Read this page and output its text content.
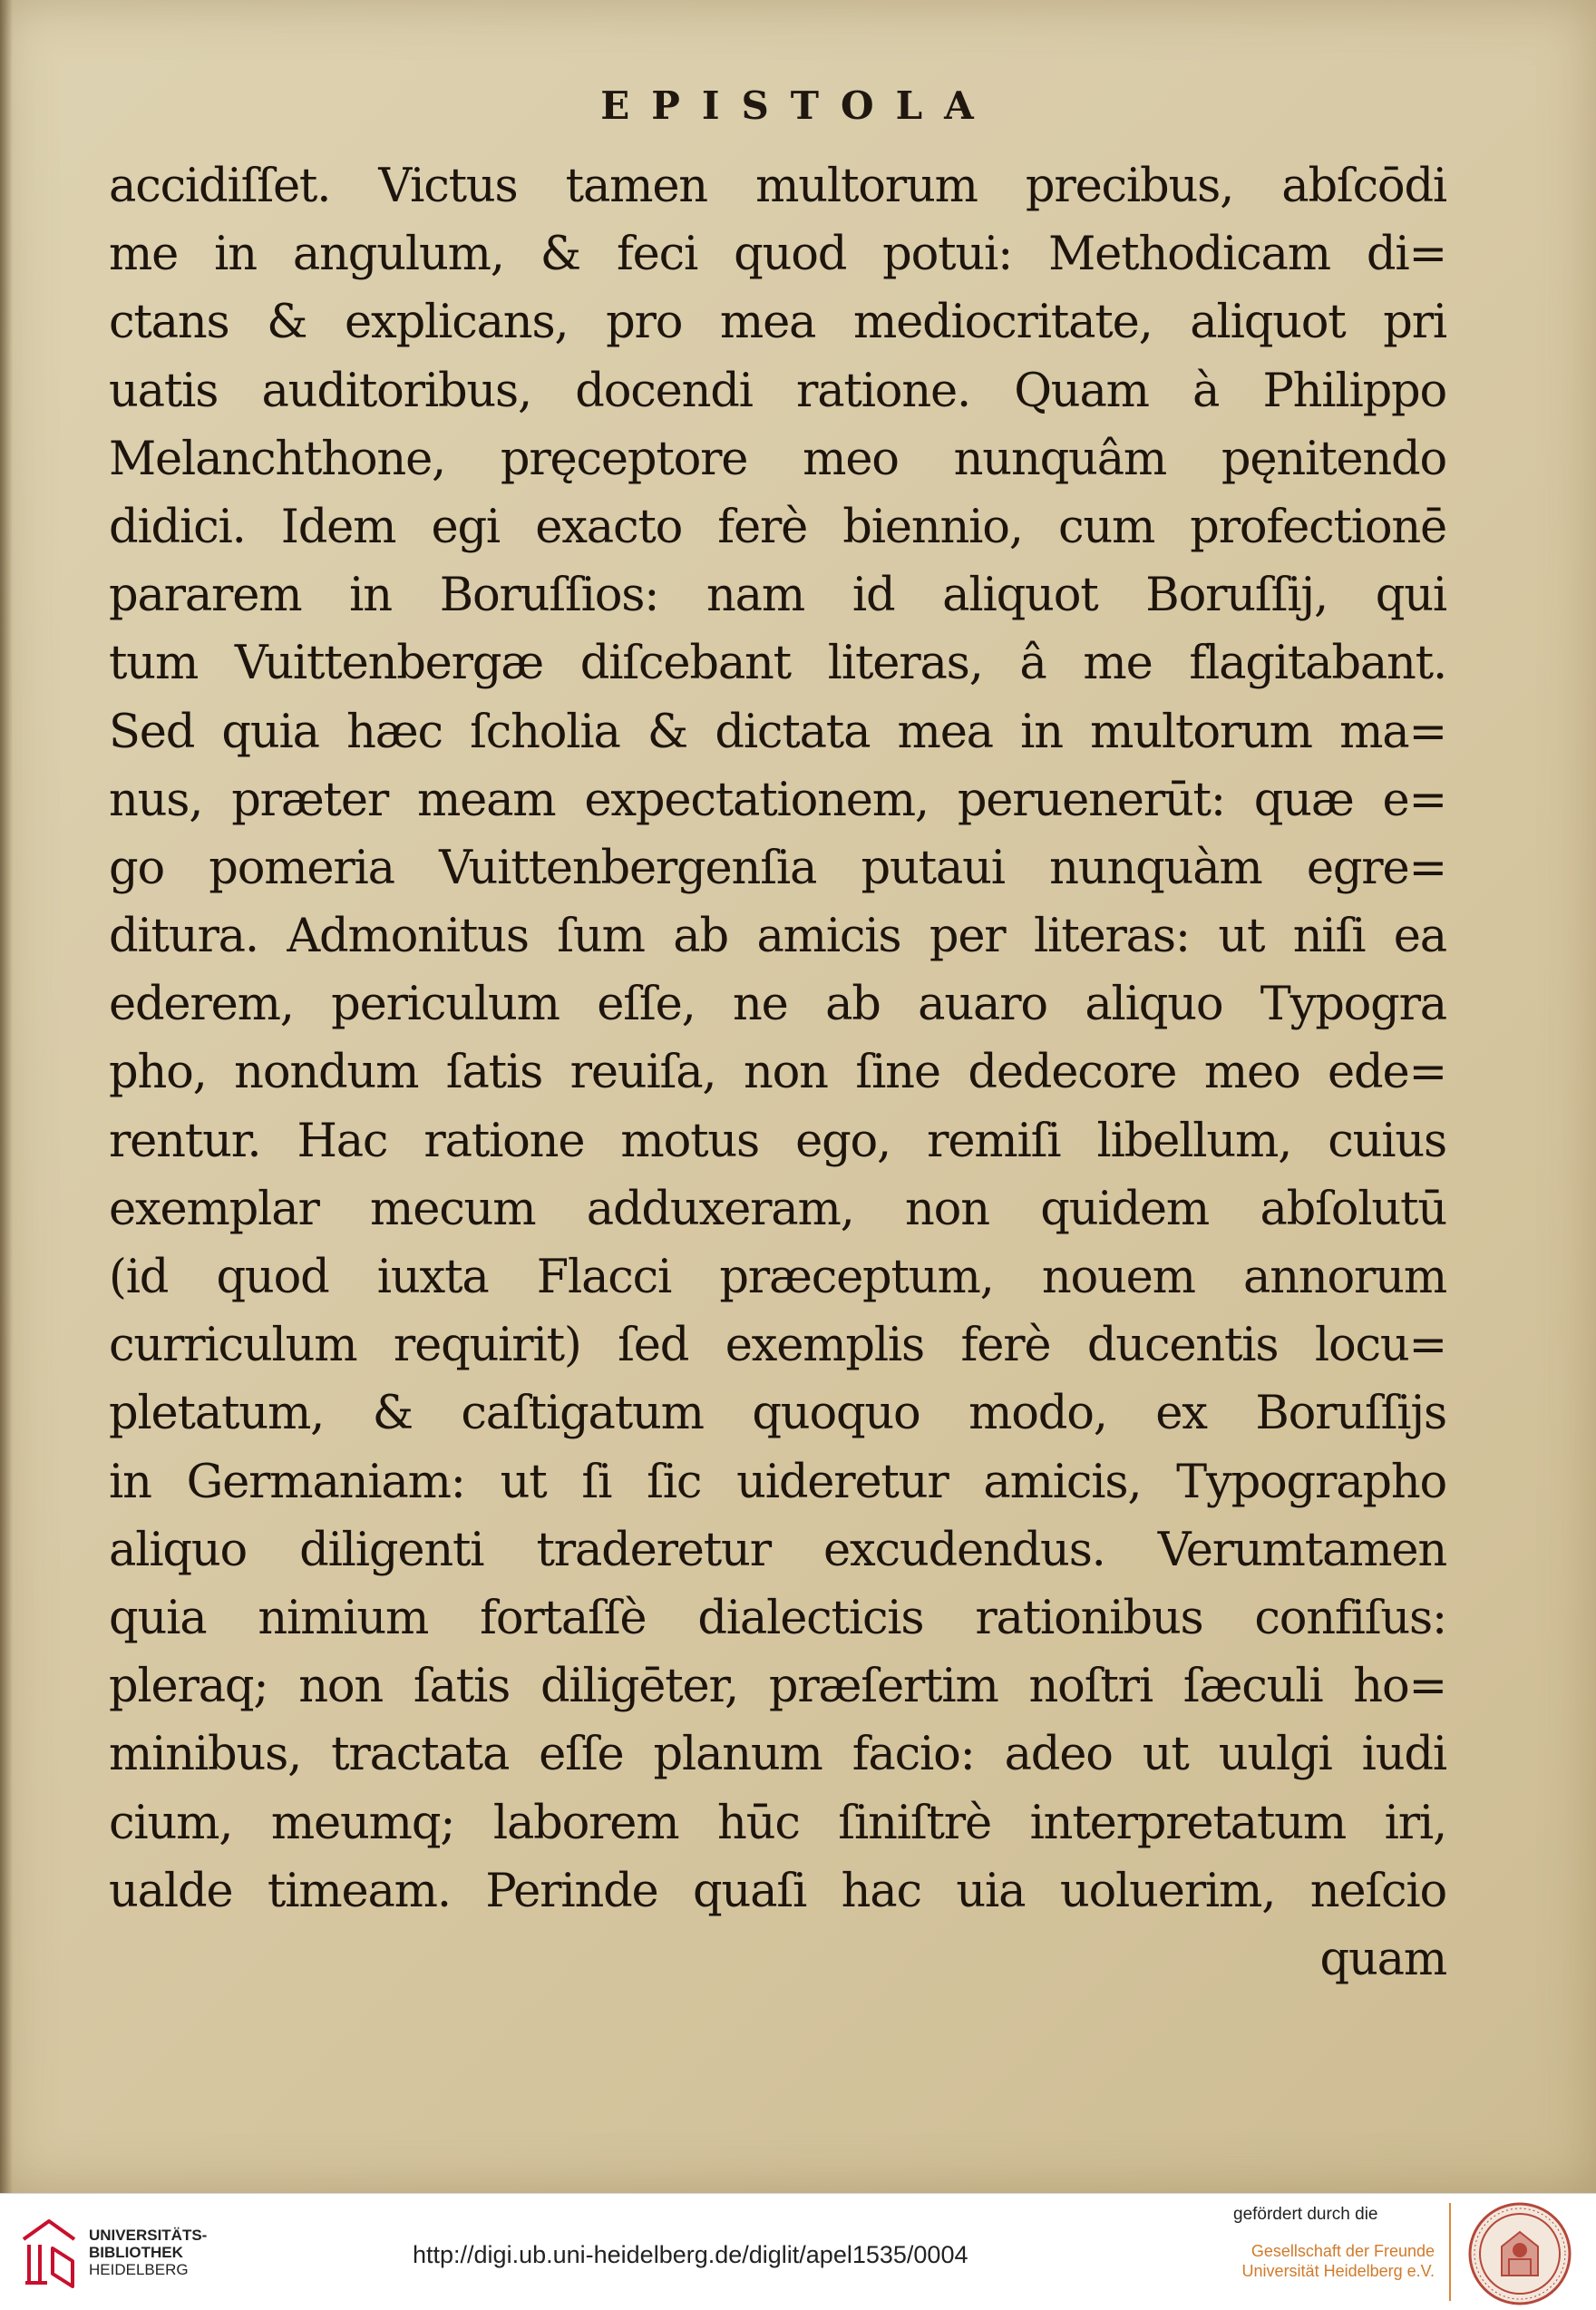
EPISTOLA
accidiſſet. Victus tamen multorum precibus, abſcōdi
me in angulum, & feci quod potui: Methodicam di=
ctans & explicans, pro mea mediocritate, aliquot pri
uatis auditoribus, docendi ratione. Quam à Philippo
Melanchthone, pręceptore meo nunquâm pęnitendo
didici. Idem egi exacto ferè biennio, cum profectionē
pararem in Boruſſios: nam id aliquot Boruſſij, qui
tum Vuittenbergæ diſcebant literas, â me flagitabant.
Sed quia hæc ſcholia & dictata mea in multorum ma=
nus, præter meam expectationem, peruenerūt: quæ e=
go pomeria Vuittenbergenſia putaui nunquàm egre=
ditura. Admonitus ſum ab amicis per literas: ut niſi ea
ederem, periculum eſſe, ne ab auaro aliquo Typogra
pho, nondum ſatis reuiſa, non ſine dedecore meo ede=
rentur. Hac ratione motus ego, remiſi libellum, cuius
exemplar mecum adduxeram, non quidem abſolutū
(id quod iuxta Flacci præceptum, nouem annorum
curriculum requirit) ſed exemplis ferè ducentis locu=
pletatum, & caſtigatum quoquo modo, ex Boruſſijs
in Germaniam: ut ſi ſic uideretur amicis, Typographo
aliquo diligenti traderetur excudendus. Verumtamen
quia nimium fortaſſè dialecticis rationibus confiſus:
pleraq; non ſatis diligēter, præſertim noſtri ſæculi ho=
minibus, tractata eſſe planum facio: adeo ut uulgi iudi
cium, meumq; laborem hūc ſiniſtrè interpretatum iri,
ualde timeam. Perinde quaſi hac uia uoluerim, neſcio
quam
UNIVERSITÄTS-
BIBLIOTHEK
HEIDELBERG
http://digi.ub.uni-heidelberg.de/diglit/apel1535/0004

gefördert durch die

Gesellschaft der Freunde
Universität Heidelberg e.V.
